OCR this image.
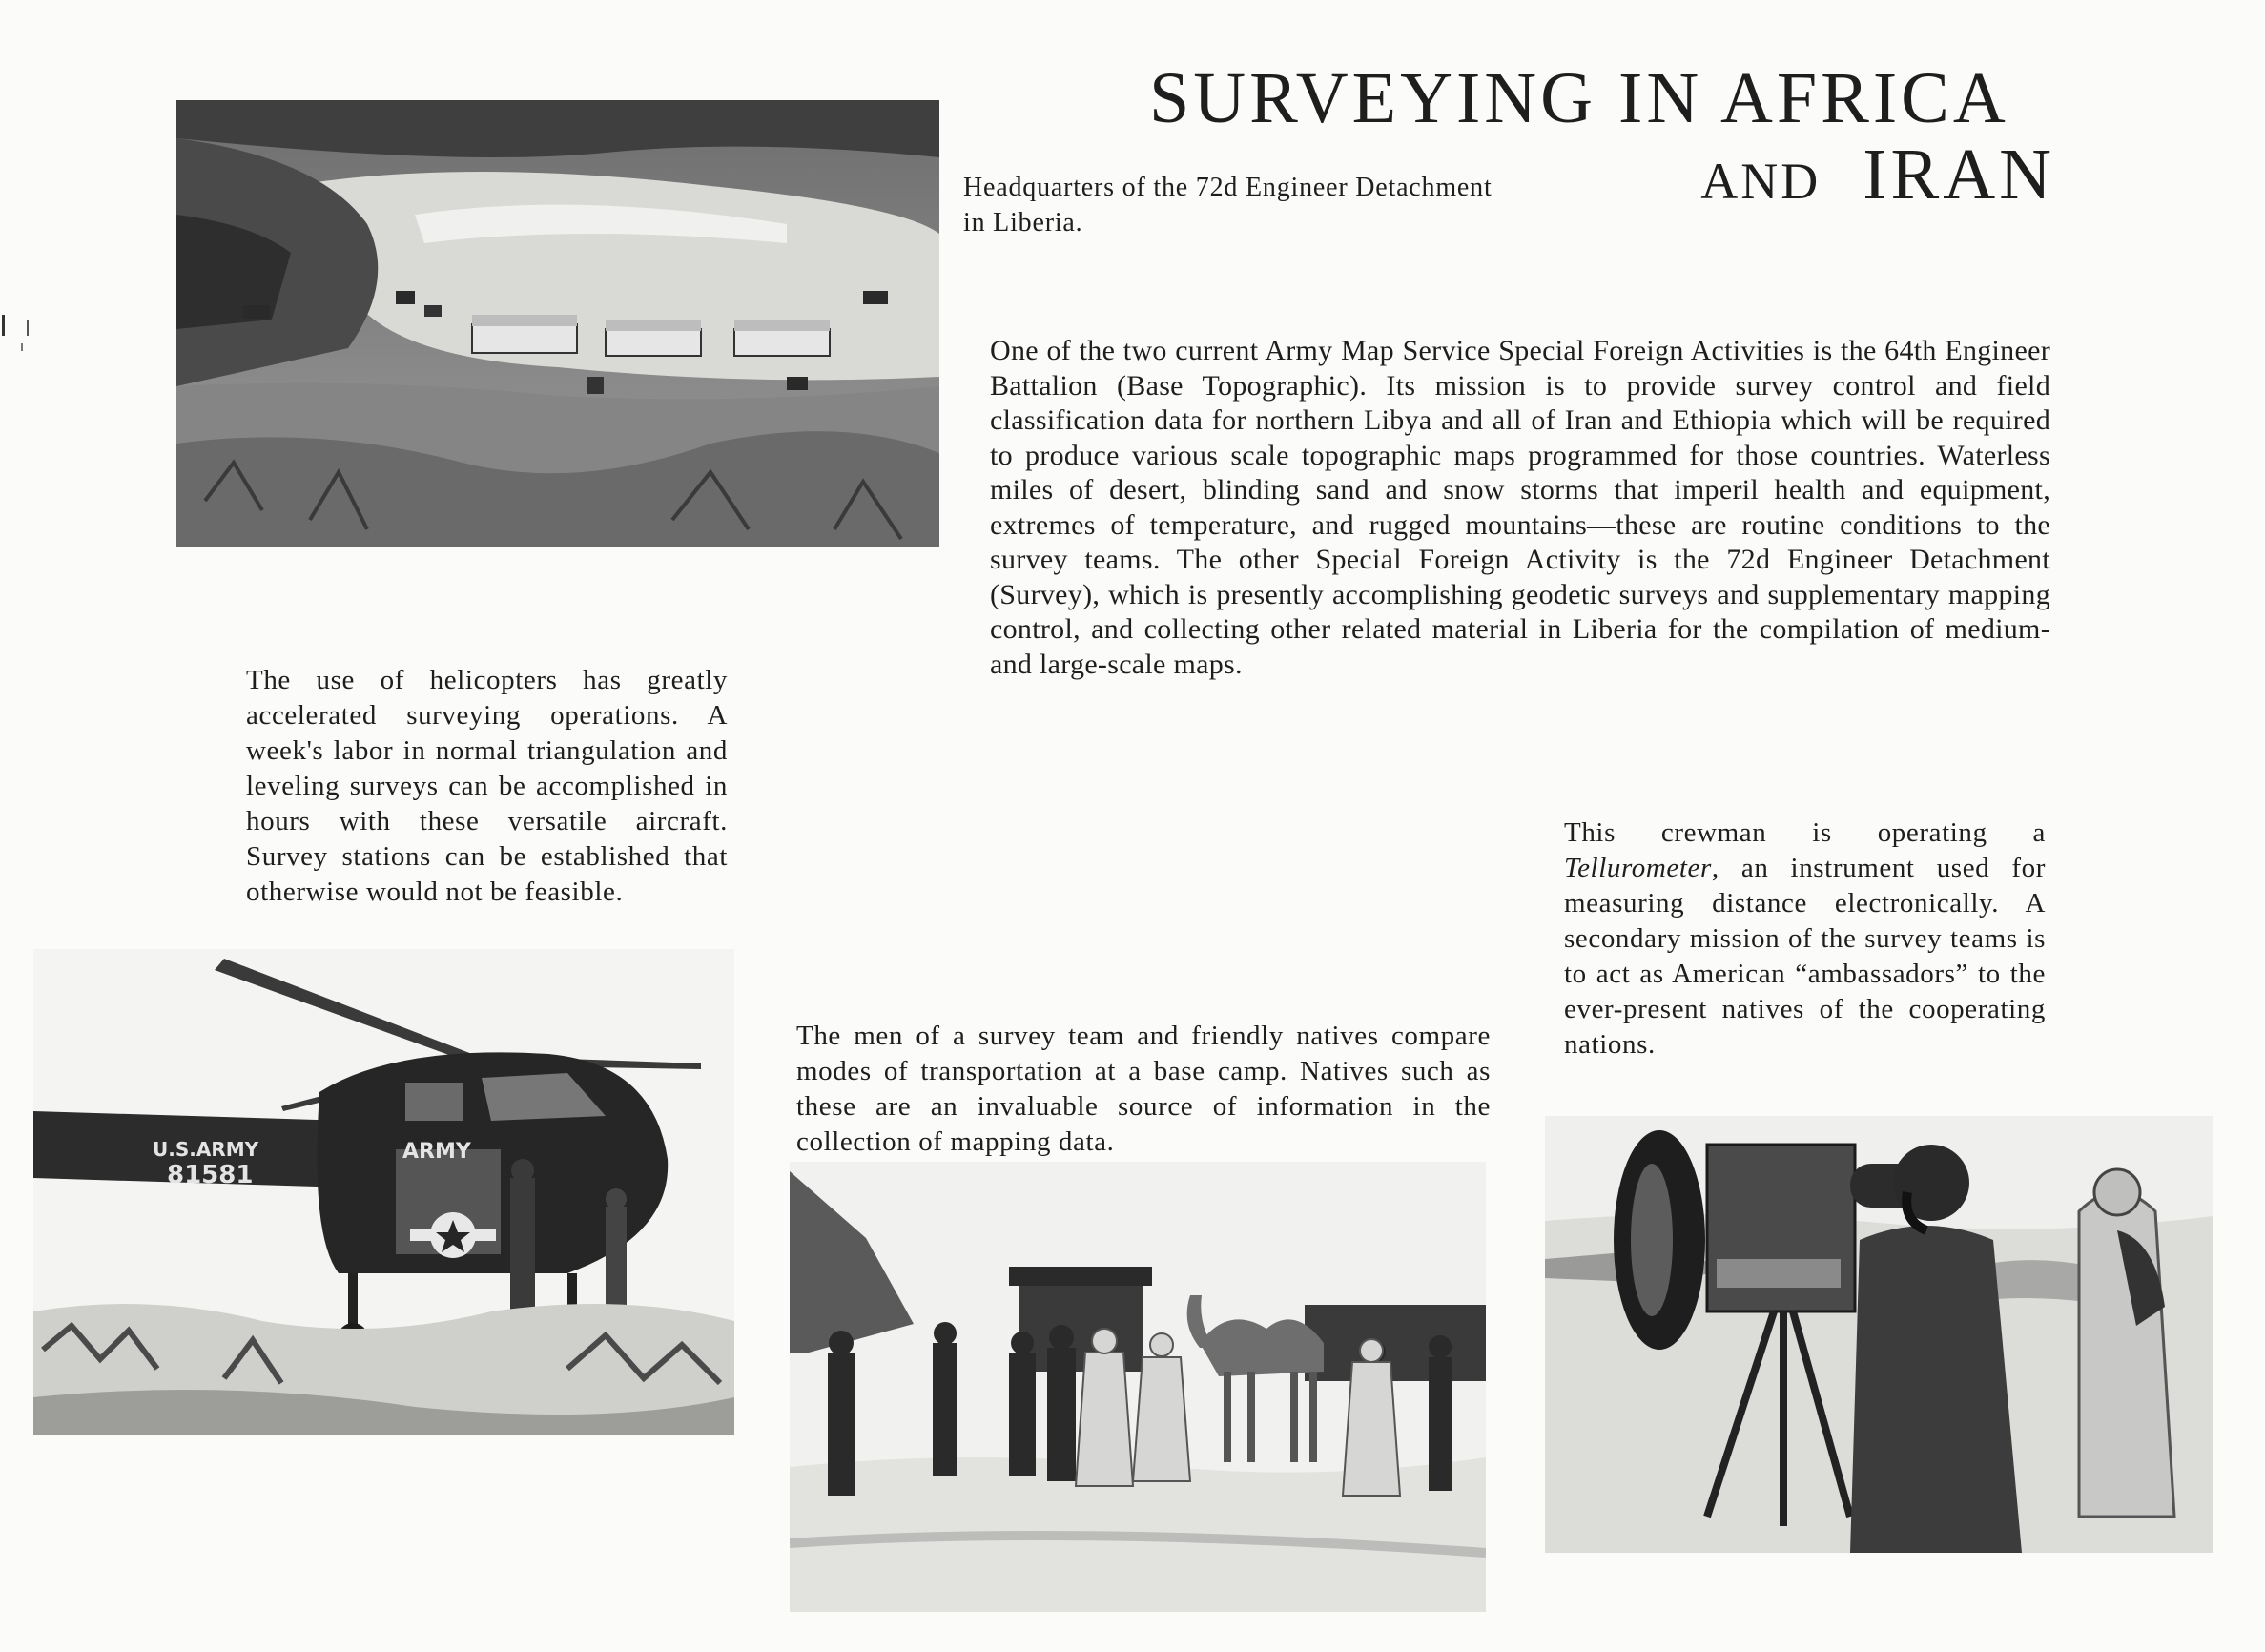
SURVEYING IN AFRICA
AND IRAN

Headquarters of the 72d Engineer Detachment in Liberia.

One of the two current Army Map Service Special Foreign Activities is the 64th Engineer Battalion (Base Topographic). Its mission is to provide survey control and field classification data for northern Libya and all of Iran and Ethiopia which will be required to produce various scale topographic maps programmed for those countries. Waterless miles of desert, blinding sand and snow storms that imperil health and equipment, extremes of temperature, and rugged mountains—these are routine conditions to the survey teams. The other Special Foreign Activity is the 72d Engineer Detachment (Survey), which is presently accomplishing geodetic surveys and supplementary mapping control, and collecting other related material in Liberia for the compilation of medium- and large-scale maps.

The use of helicopters has greatly accelerated surveying operations. A week's labor in normal triangulation and leveling surveys can be accomplished in hours with these versatile aircraft. Survey stations can be established that otherwise would not be feasible.

U.S.ARMY
81581
ARMY

The men of a survey team and friendly natives compare modes of transportation at a base camp. Natives such as these are an invaluable source of information in the collection of mapping data.

This crewman is operating a Tellurometer, an instrument used for measuring distance electronically. A secondary mission of the survey teams is to act as American “ambassadors” to the ever-present natives of the cooperating nations.
